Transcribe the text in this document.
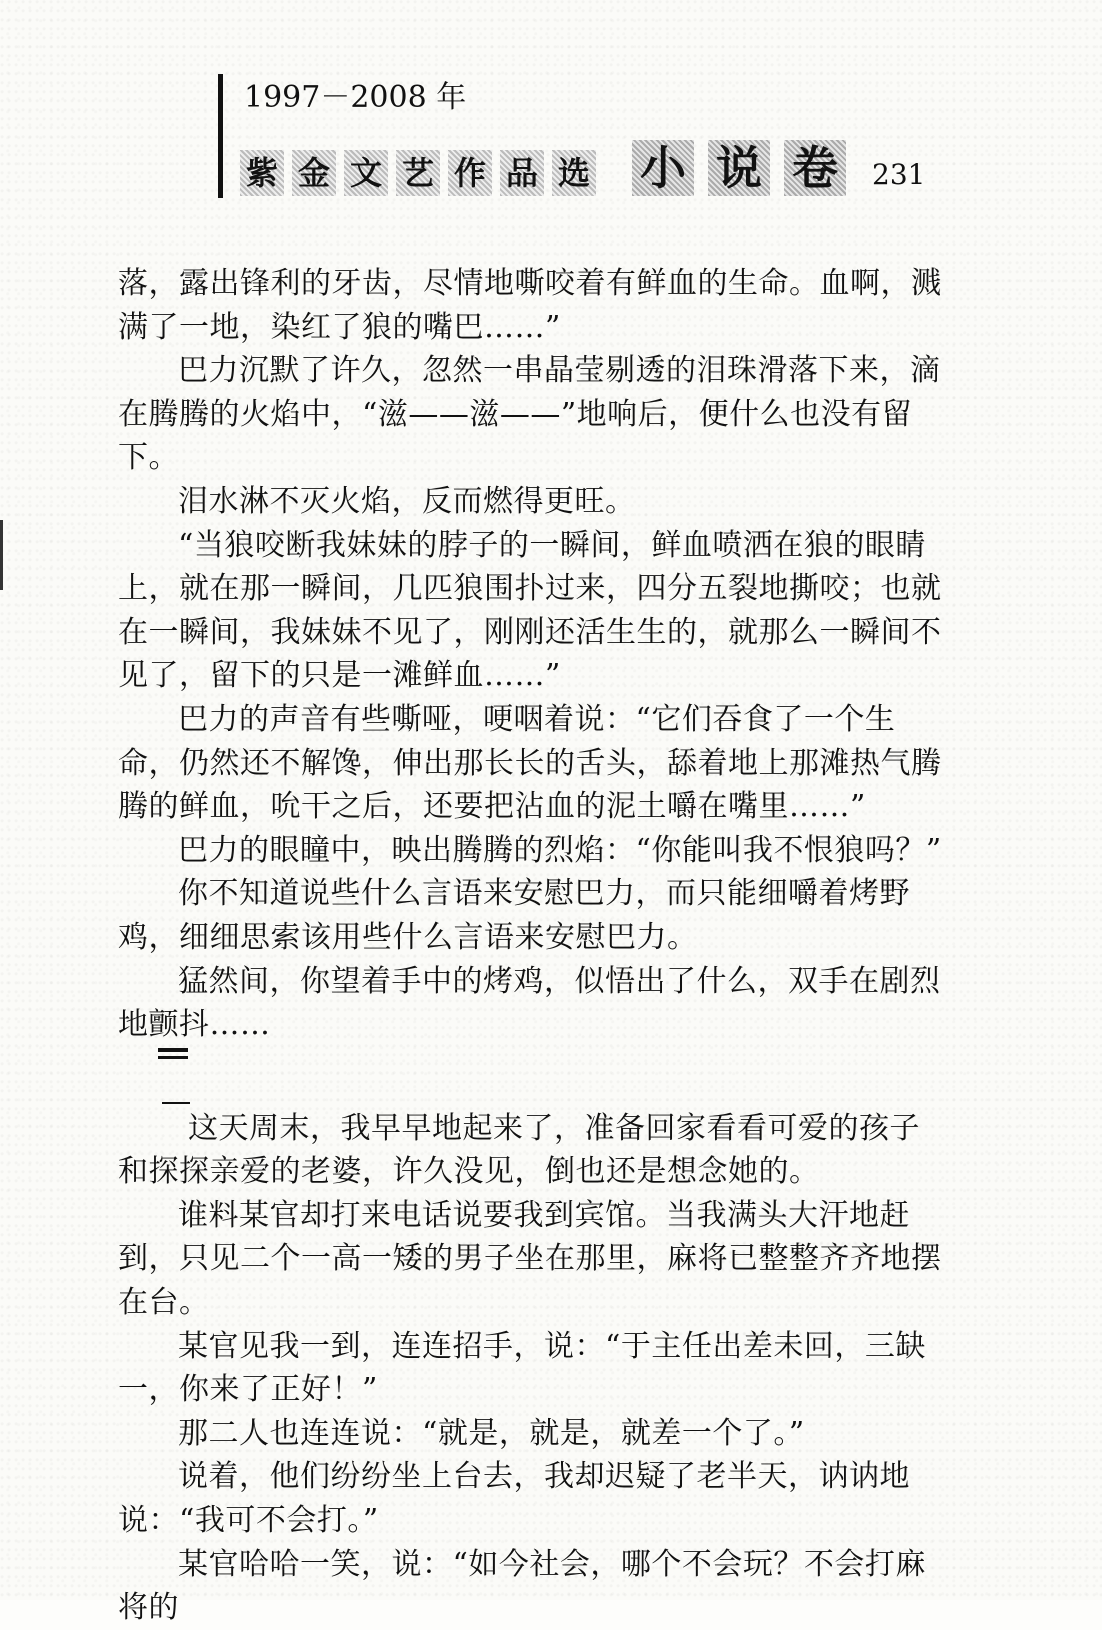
1997－2008 年
紫 金 文 艺 作 品 选 小 说 卷 231

落，露出锋利的牙齿，尽情地嘶咬着有鲜血的生命。血啊，溅满了一地，染红了狼的嘴巴……”

巴力沉默了许久，忽然一串晶莹剔透的泪珠滑落下来，滴在腾腾的火焰中，“滋——滋——”地响后，便什么也没有留下。

泪水淋不灭火焰，反而燃得更旺。

“当狼咬断我妹妹的脖子的一瞬间，鲜血喷洒在狼的眼睛上，就在那一瞬间，几匹狼围扑过来，四分五裂地撕咬；也就在一瞬间，我妹妹不见了，刚刚还活生生的，就那么一瞬间不见了，留下的只是一滩鲜血……”

巴力的声音有些嘶哑，哽咽着说：“它们吞食了一个生命，仍然还不解馋，伸出那长长的舌头，舔着地上那滩热气腾腾的鲜血，吮干之后，还要把沾血的泥土嚼在嘴里……”

巴力的眼瞳中，映出腾腾的烈焰：“你能叫我不恨狼吗？”

你不知道说些什么言语来安慰巴力，而只能细嚼着烤野鸡，细细思索该用些什么言语来安慰巴力。

猛然间，你望着手中的烤鸡，似悟出了什么，双手在剧烈地颤抖……

这天周末，我早早地起来了，准备回家看看可爱的孩子和探探亲爱的老婆，许久没见，倒也还是想念她的。

谁料某官却打来电话说要我到宾馆。当我满头大汗地赶到，只见二个一高一矮的男子坐在那里，麻将已整整齐齐地摆在台。

某官见我一到，连连招手，说：“于主任出差未回，三缺一，你来了正好！”

那二人也连连说：“就是，就是，就差一个了。”

说着，他们纷纷坐上台去，我却迟疑了老半天，讷讷地说：“我可不会打。”

某官哈哈一笑，说：“如今社会，哪个不会玩？不会打麻将的
